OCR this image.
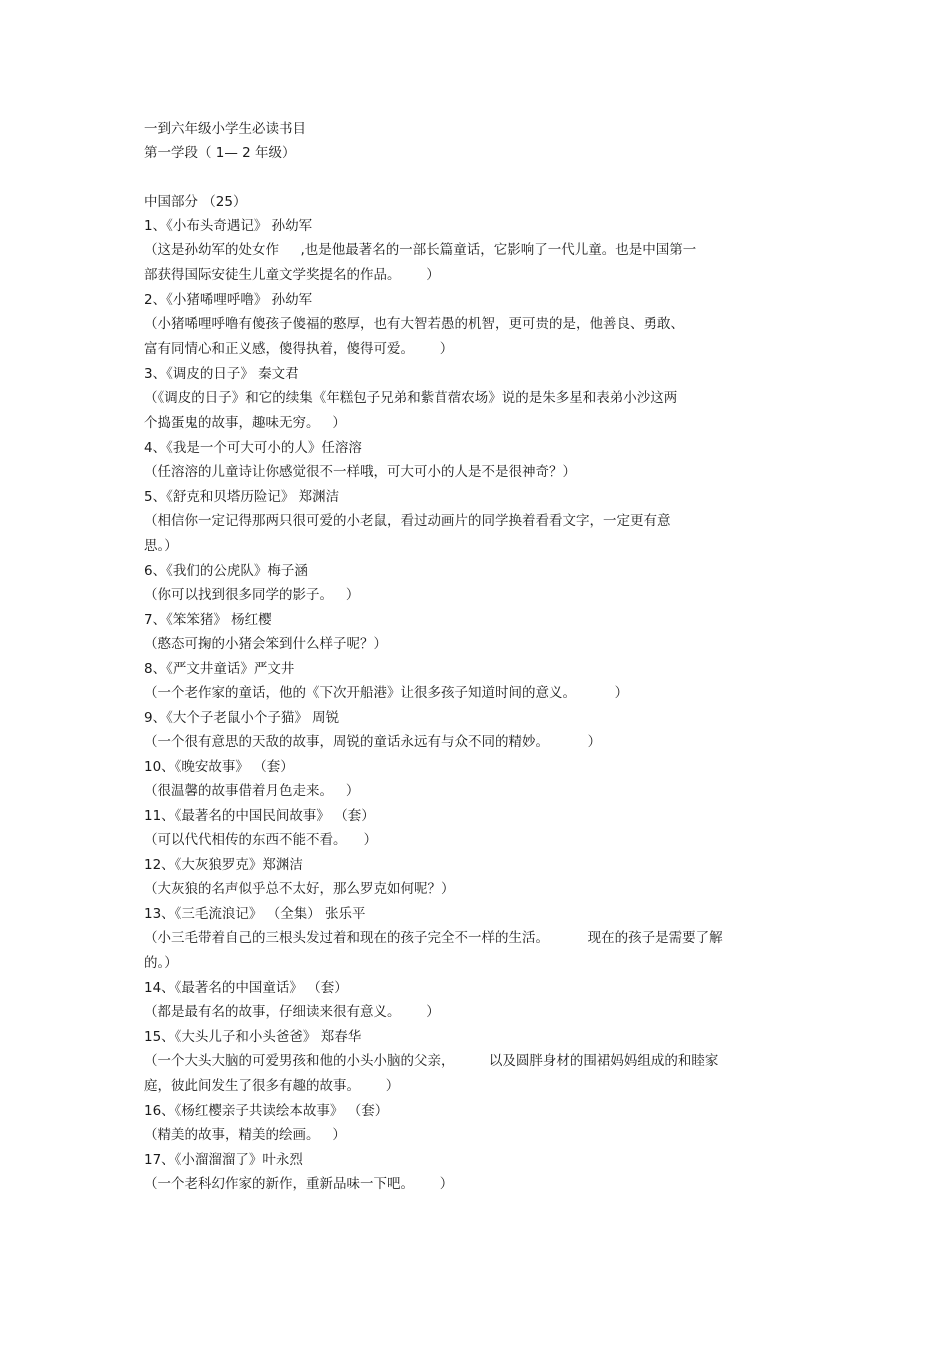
一到六年级小学生必读书目
第一学段（ 1— 2 年级）
中国部分 （25）
1、《小布头奇遇记》 孙幼军
（这是孙幼军的处女作     ,也是他最著名的一部长篇童话，它影响了一代儿童。也是中国第一
部获得国际安徒生儿童文学奖提名的作品。      ）
2、《小猪唏哩呼噜》 孙幼军
（小猪唏哩呼噜有傻孩子傻福的憨厚，也有大智若愚的机智，更可贵的是，他善良、勇敢、
富有同情心和正义感，傻得执着，傻得可爱。      ）
3、《调皮的日子》 秦文君
（《调皮的日子》和它的续集《年糕包子兄弟和紫苜蓿农场》说的是朱多星和表弟小沙这两
个捣蛋鬼的故事，趣味无穷。   ）
4、《我是一个可大可小的人》任溶溶
（任溶溶的儿童诗让你感觉很不一样哦，可大可小的人是不是很神奇？）
5、《舒克和贝塔历险记》 郑渊洁
（相信你一定记得那两只很可爱的小老鼠，看过动画片的同学换着看看文字，一定更有意
思。）
6、《我们的公虎队》梅子涵
（你可以找到很多同学的影子。   ）
7、《笨笨猪》 杨红樱
（憨态可掬的小猪会笨到什么样子呢？）
8、《严文井童话》严文井
（一个老作家的童话，他的《下次开船港》让很多孩子知道时间的意义。         ）
9、《大个子老鼠小个子猫》 周锐
（一个很有意思的天敌的故事，周锐的童话永远有与众不同的精妙。         ）
10、《晚安故事》 （套）
（很温馨的故事借着月色走来。   ）
11、《最著名的中国民间故事》 （套）
（可以代代相传的东西不能不看。    ）
12、《大灰狼罗克》郑渊洁
（大灰狼的名声似乎总不太好，那么罗克如何呢？）
13、《三毛流浪记》 （全集） 张乐平
（小三毛带着自己的三根头发过着和现在的孩子完全不一样的生活。         现在的孩子是需要了解
的。）
14、《最著名的中国童话》 （套）
（都是最有名的故事，仔细读来很有意义。      ）
15、《大头儿子和小头爸爸》 郑春华
（一个大头大脑的可爱男孩和他的小头小脑的父亲，        以及圆胖身材的围裙妈妈组成的和睦家
庭，彼此间发生了很多有趣的故事。      ）
16、《杨红樱亲子共读绘本故事》 （套）
（精美的故事，精美的绘画。   ）
17、《小溜溜溜了》叶永烈
（一个老科幻作家的新作，重新品味一下吧。      ）
